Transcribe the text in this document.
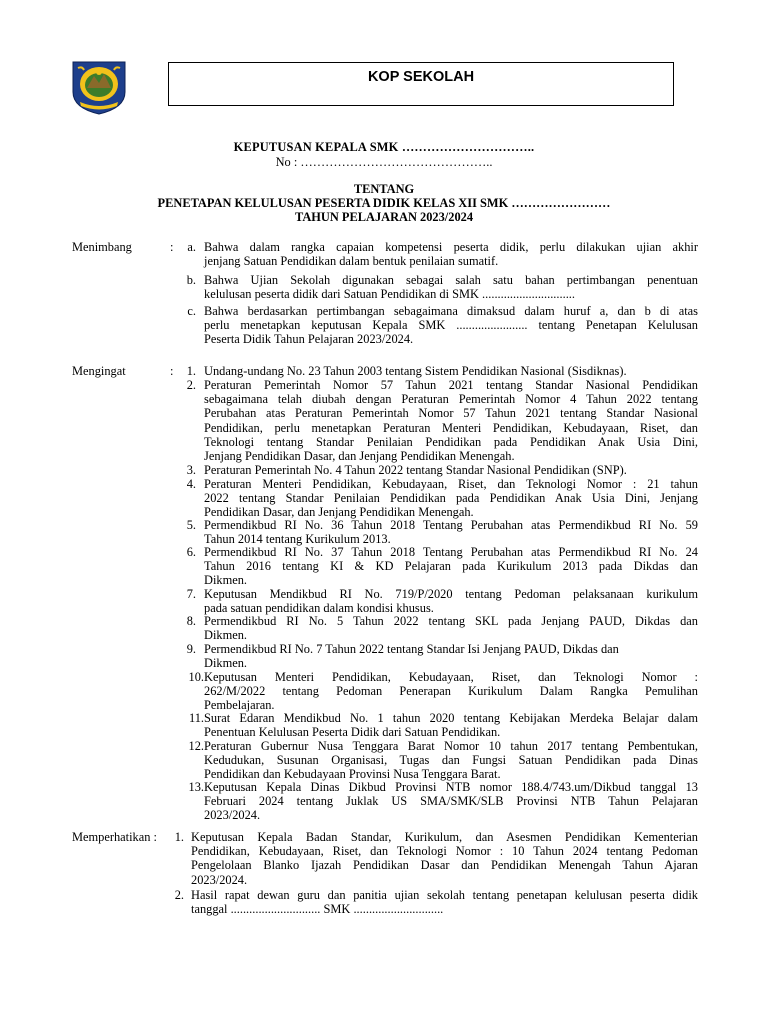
KOP SEKOLAH
KEPUTUSAN KEPALA SMK …………………………..
No : ………………………………………..
TENTANG
PENETAPAN KELULUSAN PESERTA DIDIK KELAS XII SMK ……………………
TAHUN PELAJARAN 2023/2024
Menimbang	:	a. Bahwa dalam rangka capaian kompetensi peserta didik, perlu dilakukan ujian akhir
jenjang Satuan Pendidikan dalam bentuk penilaian sumatif.
b. Bahwa Ujian Sekolah digunakan sebagai salah satu bahan pertimbangan penentuan
kelulusan peserta didik dari Satuan Pendidikan di SMK ..............................
c. Bahwa berdasarkan pertimbangan sebagaimana dimaksud dalam huruf a, dan b di atas
perlu menetapkan keputusan Kepala SMK ....................... tentang Penetapan Kelulusan
Peserta Didik Tahun Pelajaran 2023/2024.
Mengingat	:	1. Undang-undang No. 23 Tahun 2003 tentang Sistem Pendidikan Nasional (Sisdiknas).
2. Peraturan Pemerintah Nomor 57 Tahun 2021 tentang Standar Nasional Pendidikan
sebagaimana telah diubah dengan Peraturan Pemerintah Nomor 4 Tahun 2022 tentang
Perubahan atas Peraturan Pemerintah Nomor 57 Tahun 2021 tentang Standar Nasional
Pendidikan, perlu menetapkan Peraturan Menteri Pendidikan, Kebudayaan, Riset, dan
Teknologi tentang Standar Penilaian Pendidikan pada Pendidikan Anak Usia Dini,
Jenjang Pendidikan Dasar, dan Jenjang Pendidikan Menengah.
3. Peraturan Pemerintah No. 4 Tahun 2022 tentang Standar Nasional Pendidikan (SNP).
4. Peraturan Menteri Pendidikan, Kebudayaan, Riset, dan Teknologi Nomor : 21 tahun
2022 tentang Standar Penilaian Pendidikan pada Pendidikan Anak Usia Dini, Jenjang
Pendidikan Dasar, dan Jenjang Pendidikan Menengah.
5. Permendikbud RI No. 36 Tahun 2018 Tentang Perubahan atas Permendikbud RI No. 59
Tahun 2014 tentang Kurikulum 2013.
6. Permendikbud RI No. 37 Tahun 2018 Tentang Perubahan atas Permendikbud RI No. 24
Tahun 2016 tentang KI & KD Pelajaran pada Kurikulum 2013 pada Dikdas dan
Dikmen.
7. Keputusan Mendikbud RI No. 719/P/2020 tentang Pedoman pelaksanaan kurikulum
pada satuan pendidikan dalam kondisi khusus.
8. Permendikbud RI No. 5 Tahun 2022 tentang SKL pada Jenjang PAUD, Dikdas dan
Dikmen.
9. Permendikbud RI No. 7 Tahun 2022 tentang Standar Isi Jenjang PAUD, Dikdas dan
Dikmen.
10. Keputusan Menteri Pendidikan, Kebudayaan, Riset, dan Teknologi Nomor :
262/M/2022 tentang Pedoman Penerapan Kurikulum Dalam Rangka Pemulihan
Pembelajaran.
11. Surat Edaran Mendikbud No. 1 tahun 2020 tentang Kebijakan Merdeka Belajar dalam
Penentuan Kelulusan Peserta Didik dari Satuan Pendidikan.
12. Peraturan Gubernur Nusa Tenggara Barat Nomor 10 tahun 2017 tentang Pembentukan,
Kedudukan, Susunan Organisasi, Tugas dan Fungsi Satuan Pendidikan pada Dinas
Pendidikan dan Kebudayaan Provinsi Nusa Tenggara Barat.
13. Keputusan Kepala Dinas Dikbud Provinsi NTB nomor 188.4/743.um/Dikbud tanggal 13
Februari 2024 tentang Juklak US SMA/SMK/SLB Provinsi NTB Tahun Pelajaran
2023/2024.
Memperhatikan :	1. Keputusan Kepala Badan Standar, Kurikulum, dan Asesmen Pendidikan Kementerian
Pendidikan, Kebudayaan, Riset, dan Teknologi Nomor : 10 Tahun 2024 tentang Pedoman
Pengelolaan Blanko Ijazah Pendidikan Dasar dan Pendidikan Menengah Tahun Ajaran
2023/2024.
2. Hasil rapat dewan guru dan panitia ujian sekolah tentang penetapan kelulusan peserta didik
tanggal ............................. SMK .............................
